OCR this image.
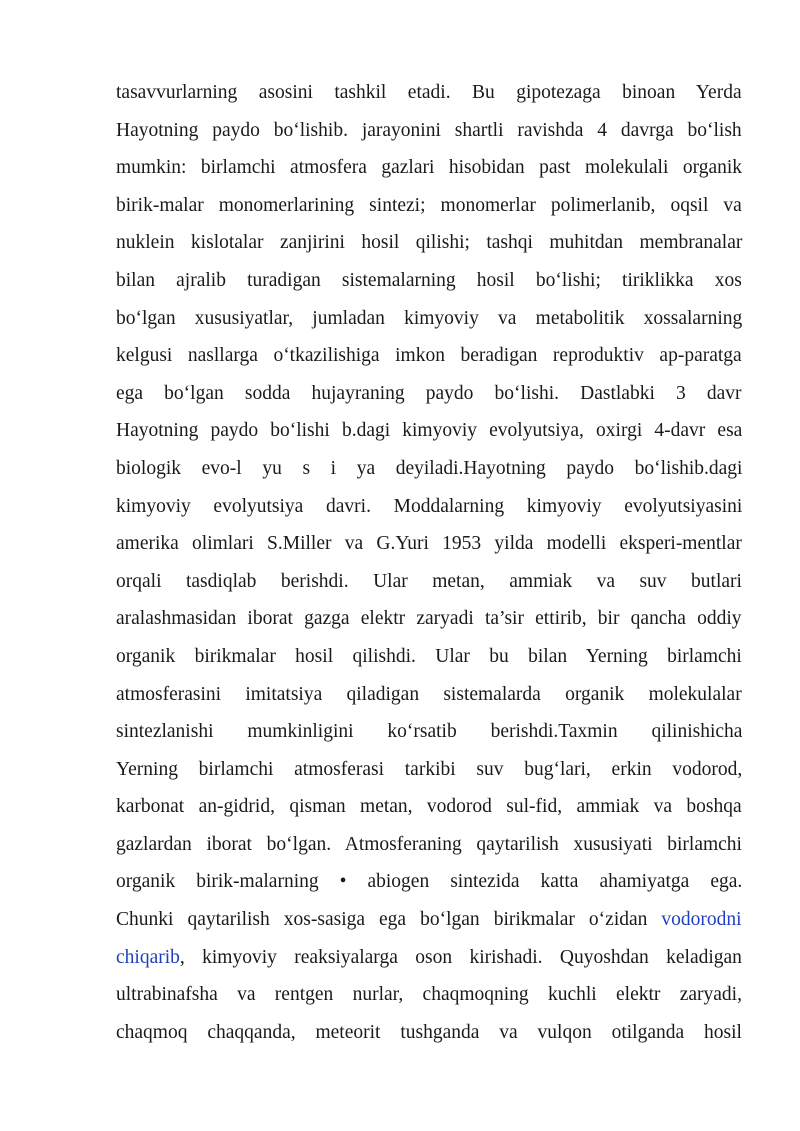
tasavvurlarning asosini tashkil etadi. Bu gipotezaga binoan Yerda
Hayotning paydo bo‘lishib. jarayonini shartli ravishda 4 davrga bo‘lish
mumkin: birlamchi atmosfera gazlari hisobidan past molekulali organik
birik-malar monomerlarining sintezi; monomerlar polimerlanib, oqsil va
nuklein kislotalar zanjirini hosil qilishi; tashqi muhitdan membranalar
bilan ajralib turadigan sistemalarning hosil bo‘lishi; tiriklikka xos
bo‘lgan xususiyatlar, jumladan kimyoviy va metabolitik xossalarning
kelgusi nasllarga o‘tkazilishiga imkon beradigan reproduktiv ap-paratga
ega bo‘lgan sodda hujayraning paydo bo‘lishi. Dastlabki 3 davr
Hayotning paydo bo‘lishi b.dagi kimyoviy evolyutsiya, oxirgi 4-davr esa
biologik evo-l yu s i ya deyiladi.Hayotning paydo bo‘lishib.dagi
kimyoviy evolyutsiya davri. Moddalarning kimyoviy evolyutsiyasini
amerika olimlari S.Miller va G.Yuri 1953 yilda modelli eksperi-mentlar
orqali tasdiqlab berishdi. Ular metan, ammiak va suv butlari
aralashmasidan iborat gazga elektr zaryadi ta’sir ettirib, bir qancha oddiy
organik birikmalar hosil qilishdi. Ular bu bilan Yerning birlamchi
atmosferasini imitatsiya qiladigan sistemalarda organik molekulalar
sintezlanishi mumkinligini ko‘rsatib berishdi.Taxmin qilinishicha
Yerning birlamchi atmosferasi tarkibi suv bug‘lari, erkin vodorod,
karbonat an-gidrid, qisman metan, vodorod sul-fid, ammiak va boshqa
gazlardan iborat bo‘lgan. Atmosferaning qaytarilish xususiyati birlamchi
organik birik-malarning • abiogen sintezida katta ahamiyatga ega.
Chunki qaytarilish xos-sasiga ega bo‘lgan birikmalar o‘zidan vodorodni
chiqarib, kimyoviy reaksiyalarga oson kirishadi. Quyoshdan keladigan
ultrabinafsha va rentgen nurlar, chaqmoqning kuchli elektr zaryadi,
chaqmoq chaqqanda, meteorit tushganda va vulqon otilganda hosil
